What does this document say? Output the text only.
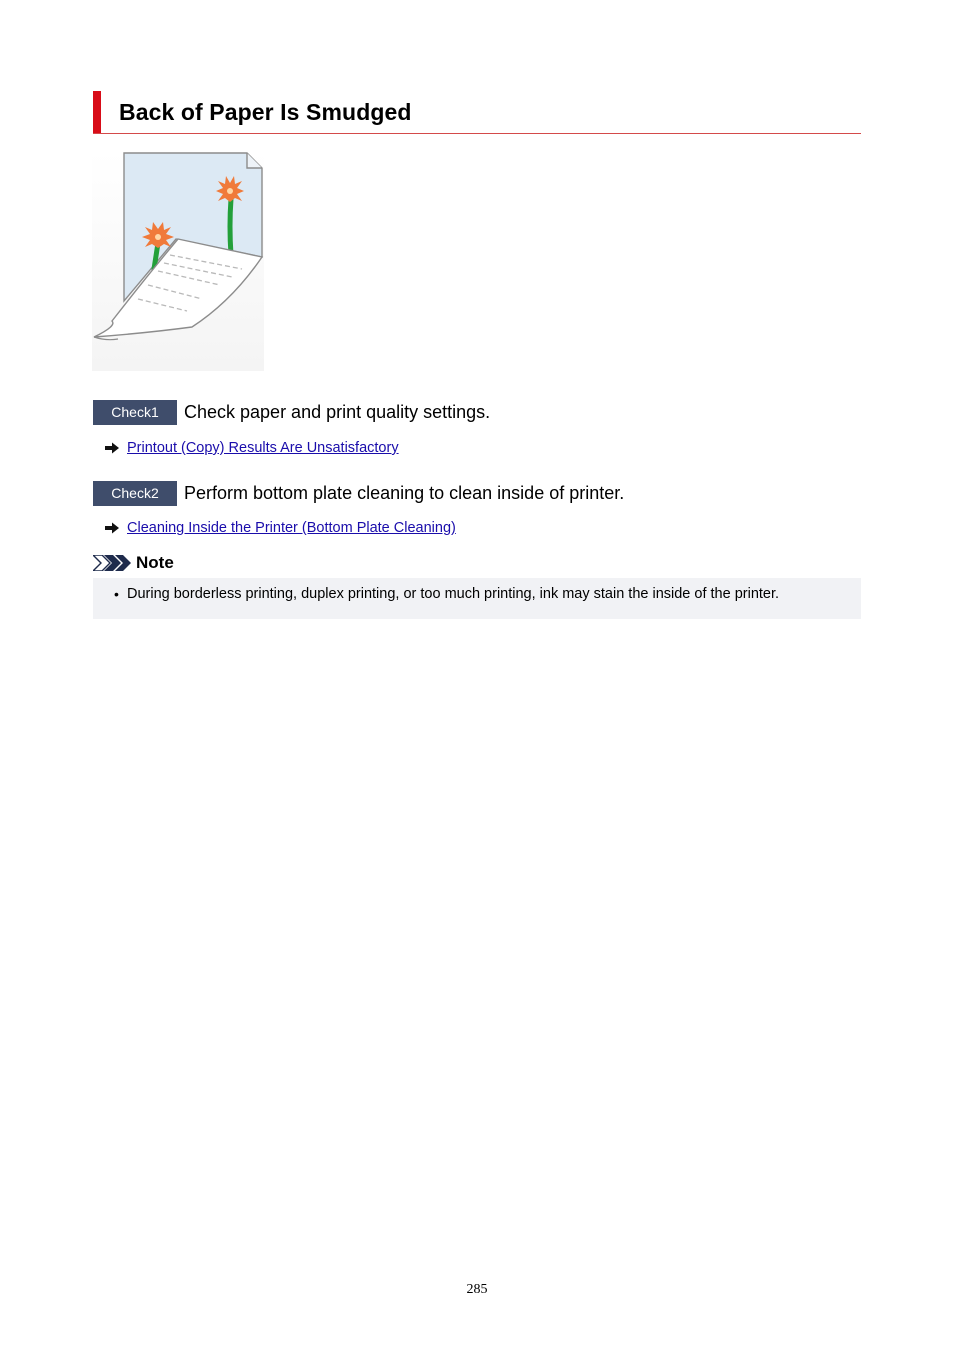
Back of Paper Is Smudged
Check1	Check paper and print quality settings.
Printout (Copy) Results Are Unsatisfactory
Check2	Perform bottom plate cleaning to clean inside of printer.
Cleaning Inside the Printer (Bottom Plate Cleaning)
Note
• During borderless printing, duplex printing, or too much printing, ink may stain the inside of the printer.
285
